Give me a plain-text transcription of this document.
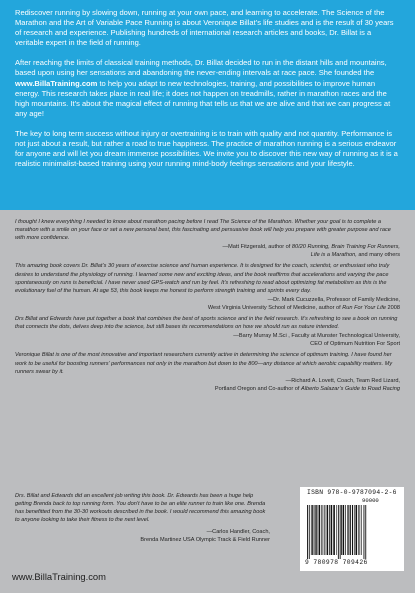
Rediscover running by slowing down, running at your own pace, and learning to accelerate. The Science of the Marathon and the Art of Variable Pace Running is about Veronique Billat’s life studies and is the result of 30 years of research and experience. Publishing hundreds of international research articles and books, Dr. Billat is a veritable expert in the field of running.

After reaching the limits of classical training methods, Dr. Billat decided to run in the distant hills and mountains, based upon using her sensations and abandoning the never-ending intervals at race pace. She founded the www.BillaTraining.com to help you adapt to new technologies, training, and possibilities to improve human energy. This research takes place in real life; it does not happen on treadmills, rather in marathon races and the high mountains. It’s about the magical effect of running that tells us that we are alive and that we can progress at any age!

The key to long term success without injury or overtraining is to train with quality and not quantity. Performance is not just about a result, but rather a road to true happiness. The practice of marathon running is a serious endeavor for anyone and will let you dream immense possibilities. We invite you to discover this new way of running as it is a realistic minimalist-based training using your running mind-body feelings sensations and your lifestyle.

I thought I knew everything I needed to know about marathon pacing before I read The Science of the Marathon. Whether your goal is to complete a marathon with a smile on your face or set a new personal best, this fascinating and persuasive book will help you prepare with greater purpose and race with more confidence.

—Matt Fitzgerald, author of 80/20 Running, Brain Training For Runners,
Life is a Marathon, and many others

This amazing book covers Dr. Billat’s 30 years of exercise science and human experience. It is designed for the coach, scientist, or enthusiast who truly desires to understand the physiology of running. I learned some new and exciting ideas, and the book reaffirms that accelerations and varying the pace spontaneously on runs is beneficial. I have never used GPS-watch and run by feel. It’s refreshing to read about optimizing fat metabolism as this is the evolutionary fuel of the human. At age 53, this book keeps me honest to perform strength training and sprints every day.

—Dr. Mark Cucuzzella, Professor of Family Medicine,
West Virginia University School of Medicine, author of Run For Your Life 2008

Drs Billat and Edwards have put together a book that combines the best of sports science and in the field research. It’s refreshing to see a book on running that connects the dots, delves deep into the science, but still bases its recommendations on how we should run as nature intended.

—Barry Murray M.Sci , Faculty at Munster Technological University,
CEO of Optimum Nutrition For Sport

Veronique Billat is one of the most innovative and important researchers currently active in determining the science of optimum training. I have found her work to be useful for boosting runners’ performances not only in the marathon but down to the 800—any distance at which aerobic capability matters. My runners swear by it.

—Richard A. Lovett, Coach, Team Red Lizard,
Portland Oregon and Co-author of Alberto Salazar’s Guide to Road Racing

Drs. Billat and Edwards did an excellent job writing this book. Dr. Edwards has been a huge help getting Brenda back to top running form. You don’t have to be an elite runner to train like one. Brenda has benefitted from the 30-30 workouts described in the book. I would recommend this amazing book to anyone looking to take their fitness to the next level.

—Carlos Handler, Coach,
Brenda Martinez USA Olympic Track & Field Runner

ISBN 978-0-9787094-2-6
90000
9 780978 709426
www.BillaTraining.com
